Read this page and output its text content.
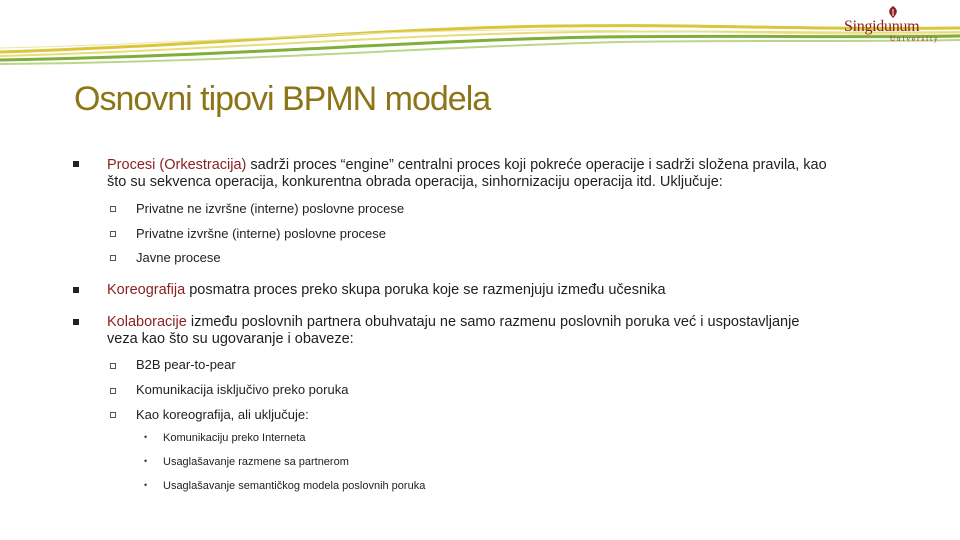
Singidunum
University
Osnovni tipovi BPMN modela
Procesi (Orkestracija) sadrži proces “engine” centralni proces koji pokreće operacije i sadrži složena pravila, kao
što su sekvenca operacija, konkurentna obrada operacija, sinhornizaciju operacija itd. Uključuje:
Privatne ne izvršne (interne) poslovne procese
Privatne izvršne (interne) poslovne procese
Javne procese
Koreografija posmatra proces preko skupa poruka koje se razmenjuju između učesnika
Kolaboracije između poslovnih partnera obuhvataju ne samo razmenu poslovnih poruka već i uspostavljanje
veza kao što su ugovaranje i obaveze:
B2B pear-to-pear
Komunikacija isključivo preko poruka
Kao koreografija, ali uključuje:
• Komunikaciju preko Interneta
• Usaglašavanje razmene sa partnerom
• Usaglašavanje semantičkog modela poslovnih poruka
